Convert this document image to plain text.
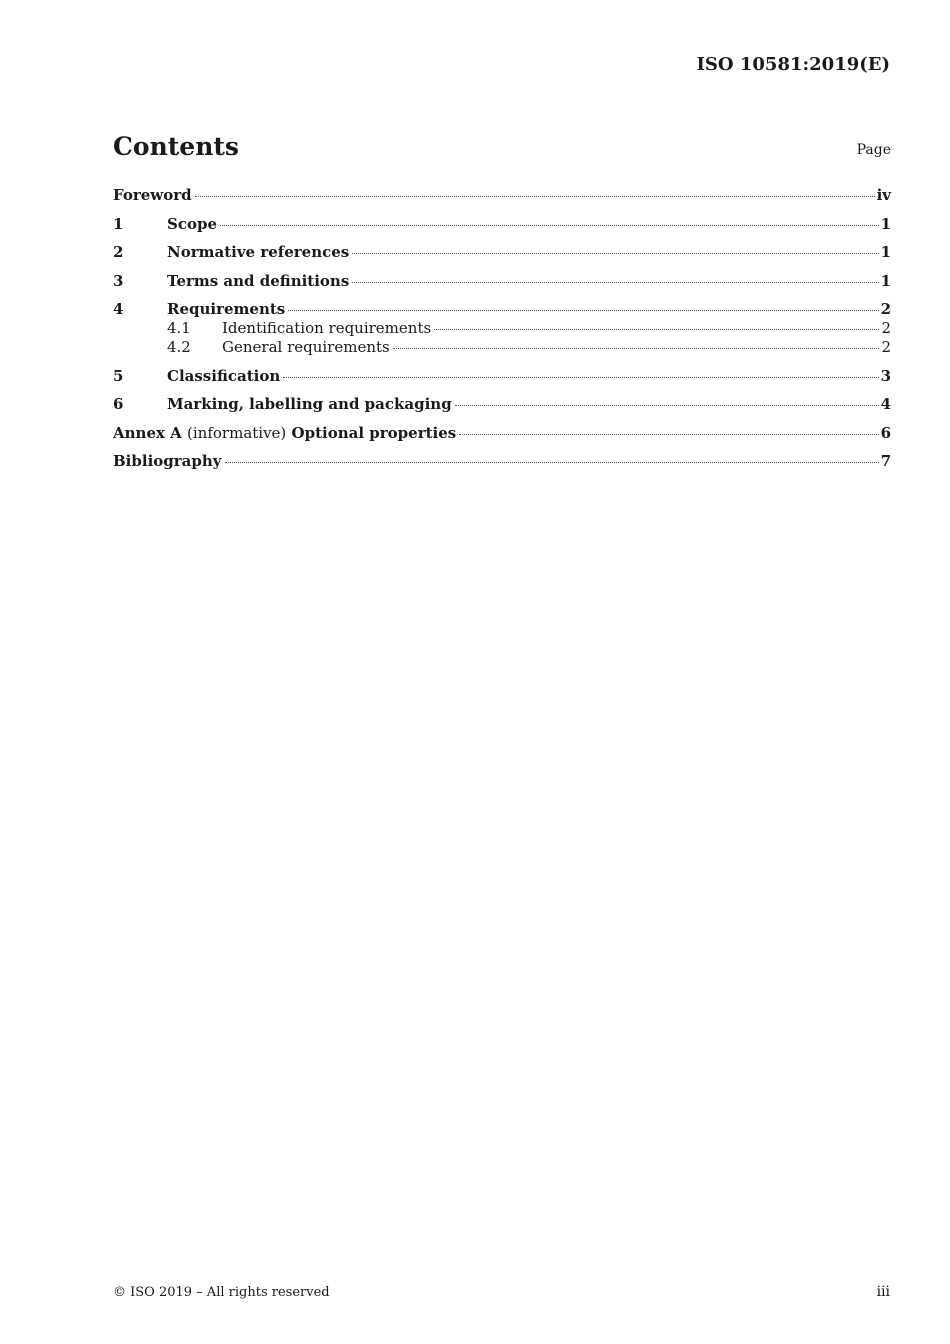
ISO 10581:2019(E)
Contents	Page
Foreword	iv
1	Scope	1
2	Normative references	1
3	Terms and definitions	1
4	Requirements	2
4.1	Identification requirements	2
4.2	General requirements	2
5	Classification	3
6	Marking, labelling and packaging	4
Annex A (informative) Optional properties	6
Bibliography	7
© ISO 2019 – All rights reserved	iii
